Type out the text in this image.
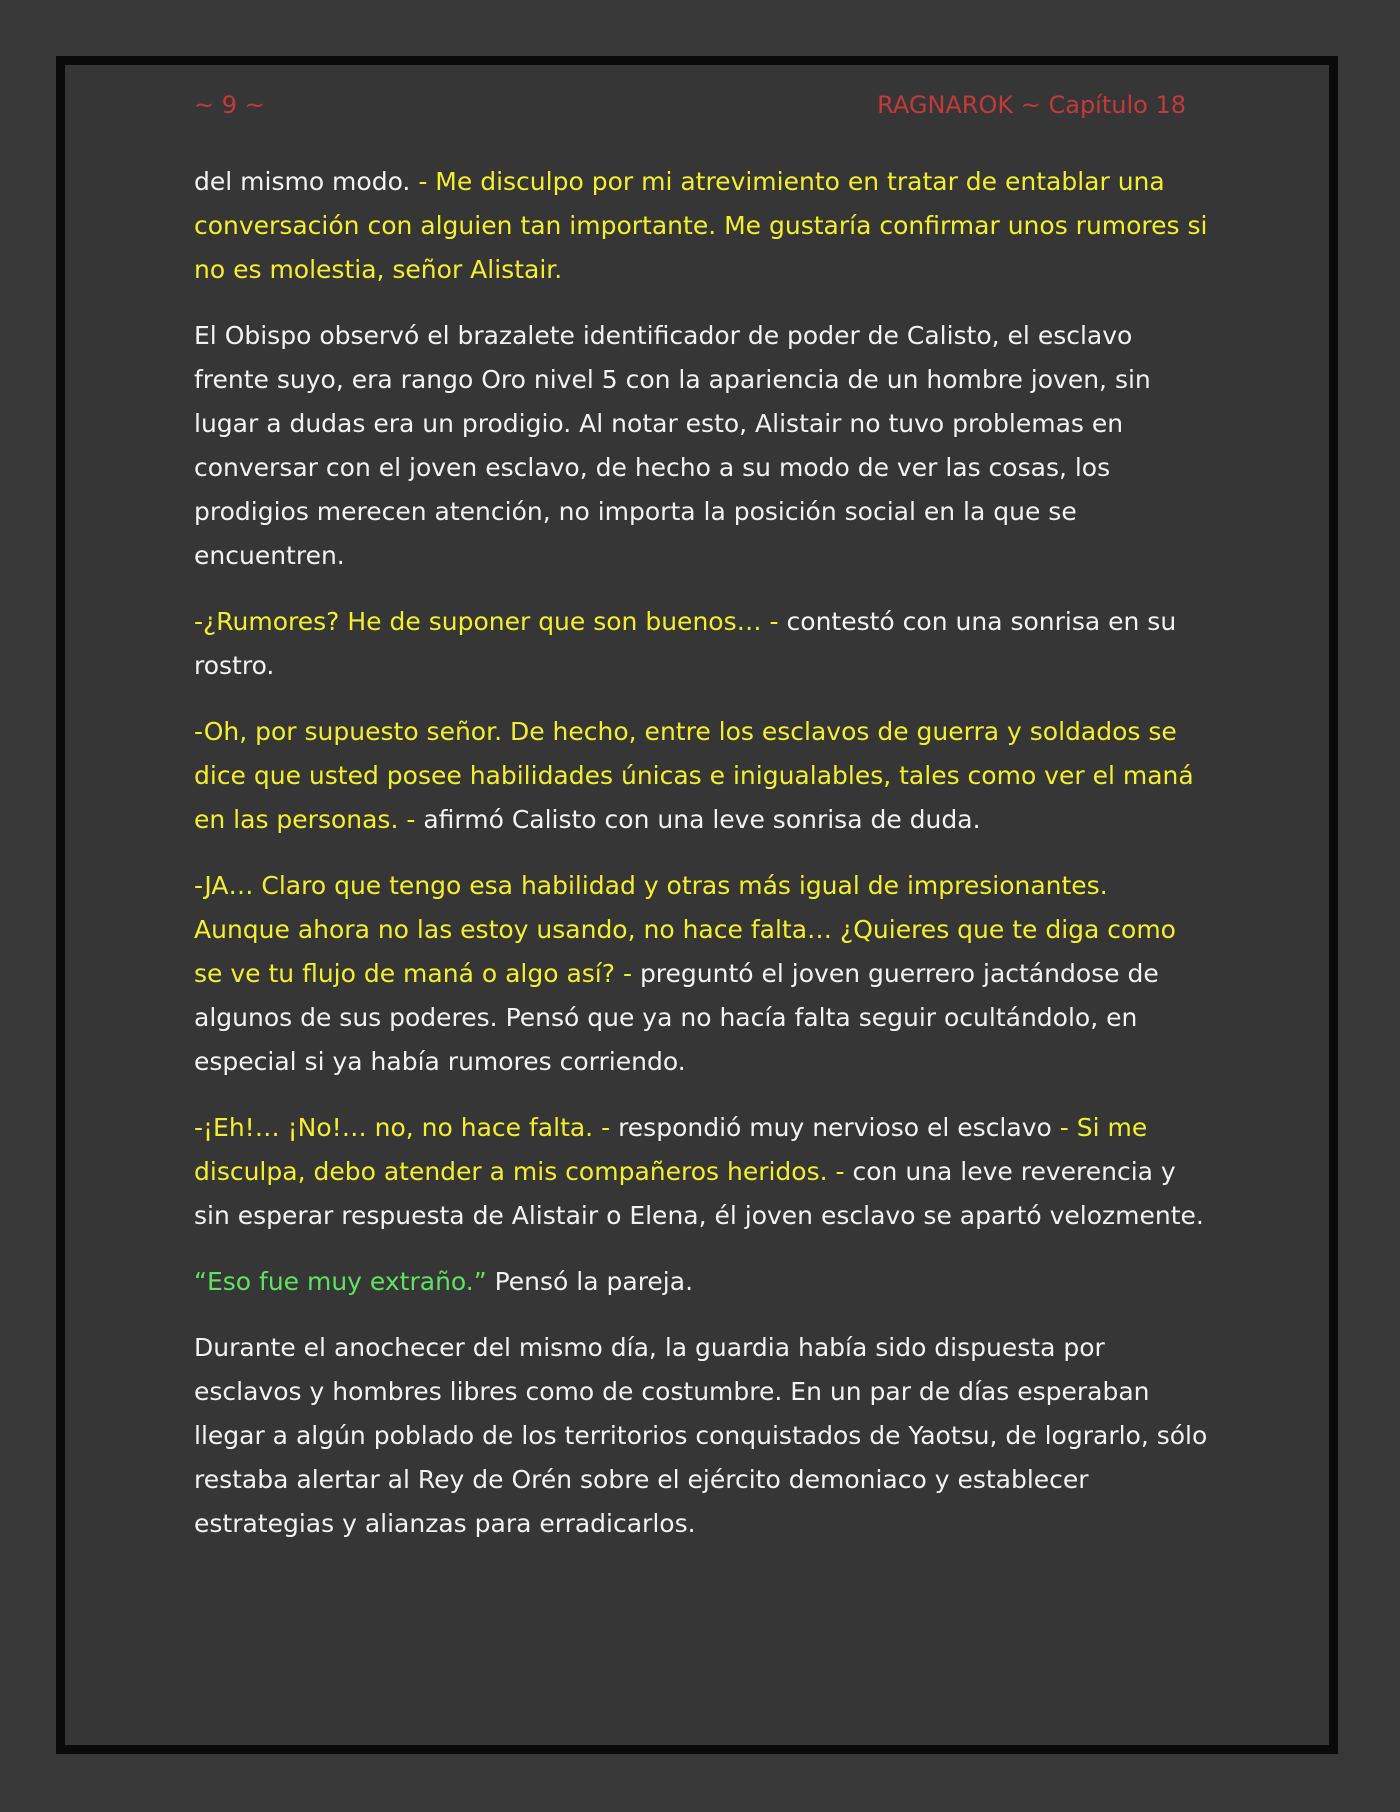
~ 9 ~	RAGNAROK ~ Capítulo 18

del mismo modo. - Me disculpo por mi atrevimiento en tratar de entablar una conversación con alguien tan importante. Me gustaría confirmar unos rumores si no es molestia, señor Alistair.

El Obispo observó el brazalete identificador de poder de Calisto, el esclavo frente suyo, era rango Oro nivel 5 con la apariencia de un hombre joven, sin lugar a dudas era un prodigio. Al notar esto, Alistair no tuvo problemas en conversar con el joven esclavo, de hecho a su modo de ver las cosas, los prodigios merecen atención, no importa la posición social en la que se encuentren.

-¿Rumores? He de suponer que son buenos… - contestó con una sonrisa en su rostro.

-Oh, por supuesto señor. De hecho, entre los esclavos de guerra y soldados se dice que usted posee habilidades únicas e inigualables, tales como ver el maná en las personas. - afirmó Calisto con una leve sonrisa de duda.

-JA… Claro que tengo esa habilidad y otras más igual de impresionantes. Aunque ahora no las estoy usando, no hace falta… ¿Quieres que te diga como se ve tu flujo de maná o algo así? - preguntó el joven guerrero jactándose de algunos de sus poderes. Pensó que ya no hacía falta seguir ocultándolo, en especial si ya había rumores corriendo.

-¡Eh!… ¡No!… no, no hace falta. - respondió muy nervioso el esclavo - Si me disculpa, debo atender a mis compañeros heridos. - con una leve reverencia y sin esperar respuesta de Alistair o Elena, él joven esclavo se apartó velozmente.

“Eso fue muy extraño.” Pensó la pareja.

Durante el anochecer del mismo día, la guardia había sido dispuesta por esclavos y hombres libres como de costumbre. En un par de días esperaban llegar a algún poblado de los territorios conquistados de Yaotsu, de lograrlo, sólo restaba alertar al Rey de Orén sobre el ejército demoniaco y establecer estrategias y alianzas para erradicarlos.
